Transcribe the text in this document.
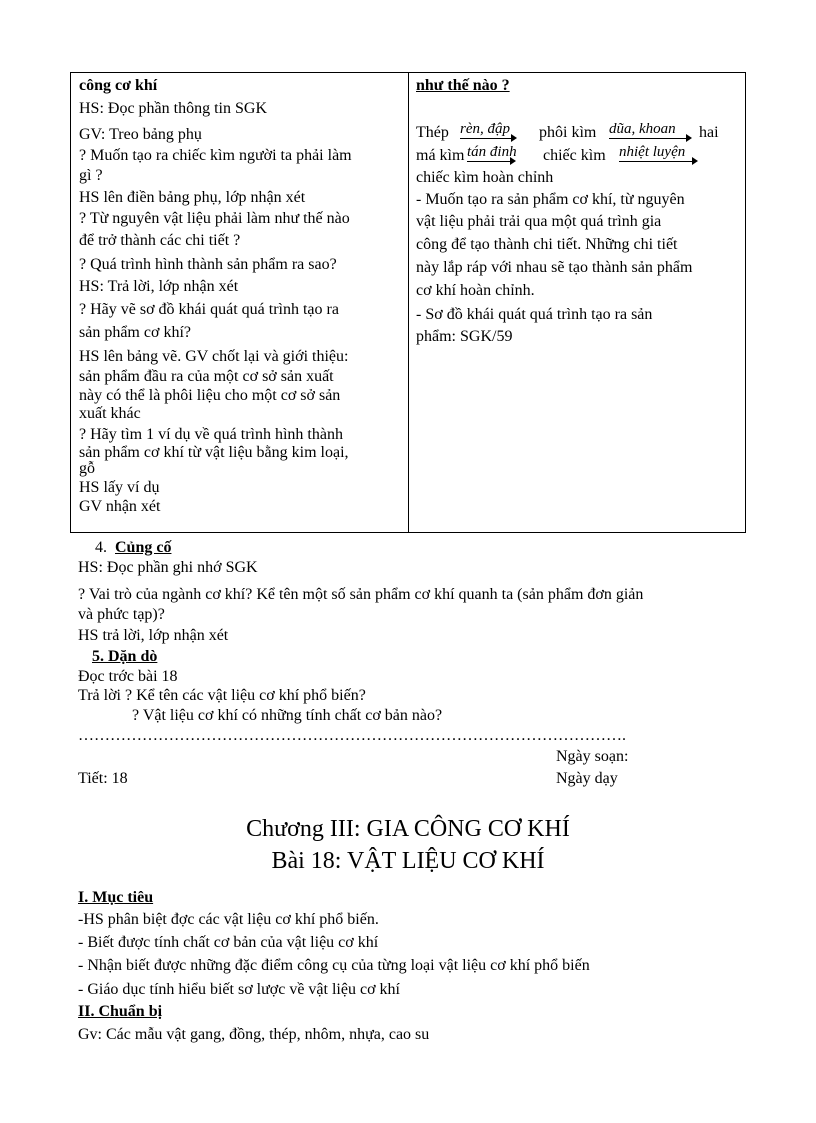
công cơ khí
HS: Đọc phần thông tin SGK
GV: Treo bảng phụ
? Muốn tạo ra chiếc kìm người ta phải làm
gì ?
HS lên điền bảng phụ, lớp nhận xét
? Từ nguyên vật liệu phải làm như thế nào
để trở thành các chi tiết ?
? Quá trình hình thành sản phẩm ra sao?
HS: Trả lời, lớp nhận xét
? Hãy vẽ sơ đồ khái quát quá trình tạo ra
sản phẩm cơ khí?
HS lên bảng vẽ. GV chốt lại và giới thiệu:
sản phẩm đầu ra của một cơ sở sản xuất
này có thể là phôi liệu cho một cơ sở sản
xuất khác
? Hãy tìm 1 ví dụ về quá trình hình thành
sản phẩm cơ khí từ vật liệu bằng kim loại,
gỗ
HS lấy ví dụ
GV nhận xét
như thế nào ?
Thép rèn, đập phôi kìm dũa, khoan hai
má kìm tán đinh chiếc kìm nhiệt luyện
chiếc kìm hoàn chỉnh
- Muốn tạo ra sản phẩm cơ khí, từ nguyên
vật liệu phải trải qua một quá trình gia
công để tạo thành chi tiết. Những chi tiết
này lắp ráp với nhau sẽ tạo thành sản phẩm
cơ khí hoàn chỉnh.
- Sơ đồ khái quát quá trình tạo ra sản
phẩm: SGK/59
4. Củng cố
HS: Đọc phần ghi nhớ SGK
? Vai trò của ngành cơ khí? Kể tên một số sản phẩm cơ khí quanh ta (sản phẩm đơn giản
và phức tạp)?
HS trả lời, lớp nhận xét
5. Dặn dò
Đọc trớc bài 18
Trả lời ? Kể tên các vật liệu cơ khí phổ biến?
? Vật liệu cơ khí có những tính chất cơ bản nào?
………………………………………………………………………………………….
Ngày soạn:
Tiết: 18	Ngày dạy
Chương III: GIA CÔNG CƠ KHÍ
Bài 18: VẬT LIỆU CƠ KHÍ
I. Mục tiêu
-HS phân biệt đợc các vật liệu cơ khí phổ biến.
- Biết được tính chất cơ bản của vật liệu cơ khí
- Nhận biết được những đặc điểm công cụ của từng loại vật liệu cơ khí phổ biến
- Giáo dục tính hiểu biết sơ lược về vật liệu cơ khí
II. Chuẩn bị
Gv: Các mẫu vật gang, đồng, thép, nhôm, nhựa, cao su
